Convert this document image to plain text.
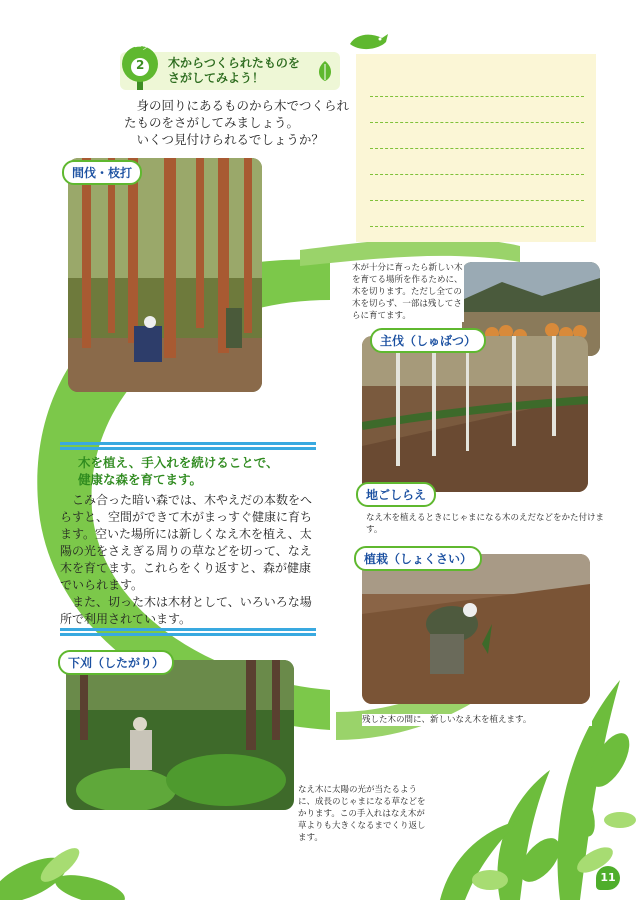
ワーク
2 木からつくられたものを
さがしてみよう！

身の回りにあるものから木でつくられたものをさがしてみましょう。

いくつ見付けられるでしょうか？

間伐・枝打
木が十分に育ったら新しい木を育てる場所を作るために、木を切ります。ただし全ての木を切らず、一部は残してさらに育てます。
主伐（しゅばつ）
地ごしらえ
なえ木を植えるときにじゃまになる木のえだなどをかた付けます。
木を植え、手入れを続けることで、
健康な森を育てます。

こみ合った暗い森では、木やえだの本数をへらすと、空間ができて木がまっすぐ健康に育ちます。空いた場所には新しくなえ木を植え、太陽の光をさえぎる周りの草などを切って、なえ木を育てます。これらをくり返すと、森が健康でいられます。

また、切った木は木材として、いろいろな場所で利用されています。

植栽（しょくさい）
残した木の間に、新しいなえ木を植えます。
下刈（したがり）
なえ木に太陽の光が当たるように、成長のじゃまになる草などをかります。この手入れはなえ木が草よりも大きくなるまでくり返します。
11
